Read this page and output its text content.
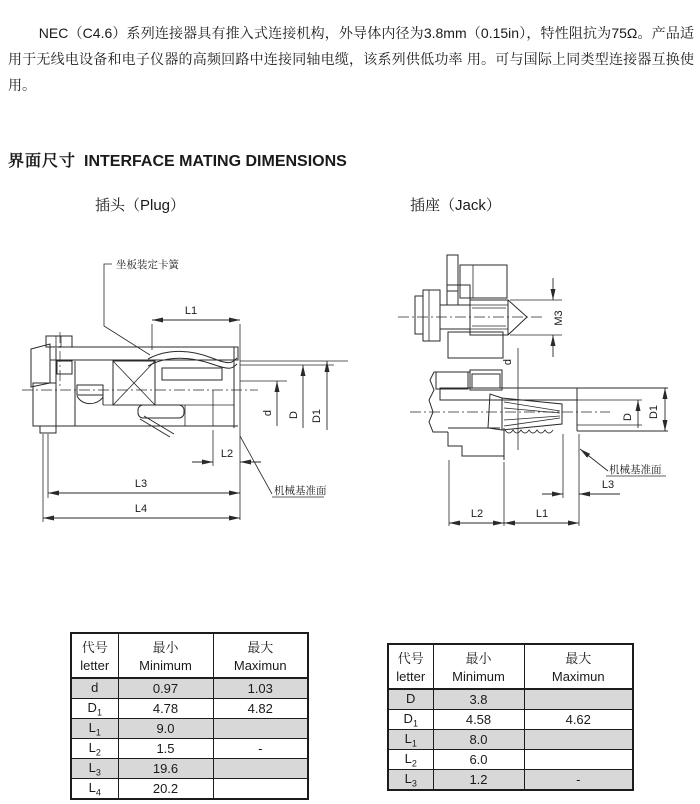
NEC（C4.6）系列连接器具有推入式连接机构，外导体内径为3.8mm（0.15in），特性阻抗为75Ω。产品适用于无线电设备和电子仪器的高频回路中连接同轴电缆，该系列供低功率 用。可与国际上同类型连接器互换使用。

界面尺寸 INTERFACE MATING DIMENSIONS
插头（Plug）	插座（Jack）
坐板装定卡簧
L1
L2
L3
L4
d D D1
机械基准面
M3
d
D D1
机械基准面
L3
L2	L1
代号
letter

最小
Minimum

最大
Maximun

d	0.97	1.03
$D_1$	4.78	4.82
$L_1$	9.0	
$L_2$	1.5	-
$L_3$	19.6	
$L_4$	20.2	
代号
letter

最小
Minimum

最大
Maximun

D	3.8	
$D_1$	4.58	4.62
$L_1$	8.0	
$L_2$	6.0	
$L_3$	1.2	-
